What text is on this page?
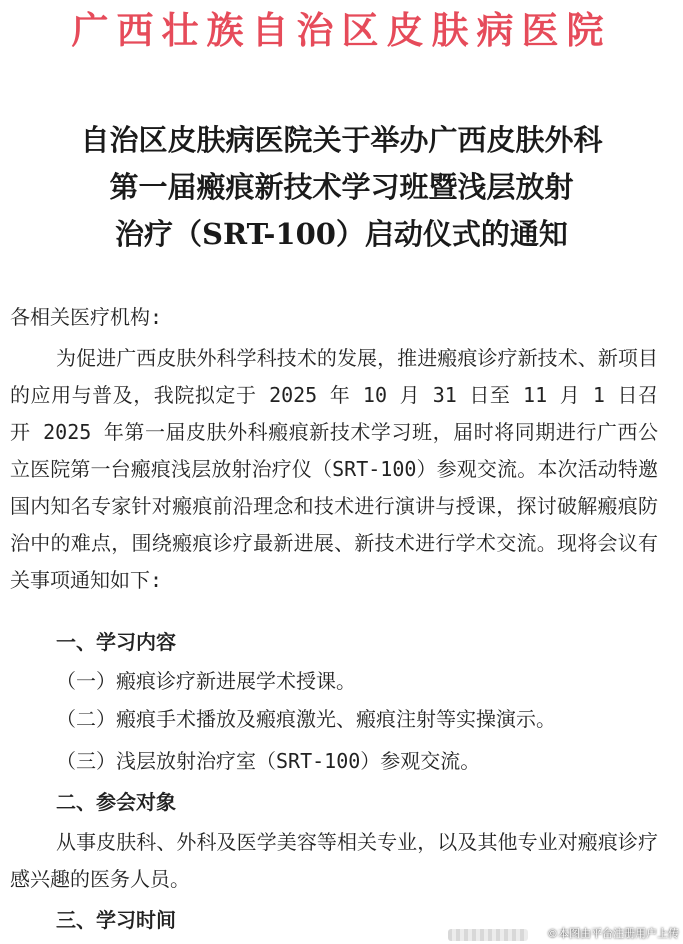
广西壮族自治区皮肤病医院
自治区皮肤病医院关于举办广西皮肤外科
第一届瘢痕新技术学习班暨浅层放射
治疗（SRT-100）启动仪式的通知
各相关医疗机构:
为促进广西皮肤外科学科技术的发展，推进瘢痕诊疗新技术、新项目的应用与普及，我院拟定于 2025 年 10 月 31 日至 11 月 1 日召开 2025 年第一届皮肤外科瘢痕新技术学习班，届时将同期进行广西公立医院第一台瘢痕浅层放射治疗仪（SRT-100）参观交流。本次活动特邀国内知名专家针对瘢痕前沿理念和技术进行演讲与授课，探讨破解瘢痕防治中的难点，围绕瘢痕诊疗最新进展、新技术进行学术交流。现将会议有关事项通知如下:
一、学习内容
（一）瘢痕诊疗新进展学术授课。
（二）瘢痕手术播放及瘢痕激光、瘢痕注射等实操演示。
（三）浅层放射治疗室（SRT-100）参观交流。
二、参会对象
从事皮肤科、外科及医学美容等相关专业，以及其他专业对瘢痕诊疗感兴趣的医务人员。
三、学习时间
©本图由平台注册用户上传
